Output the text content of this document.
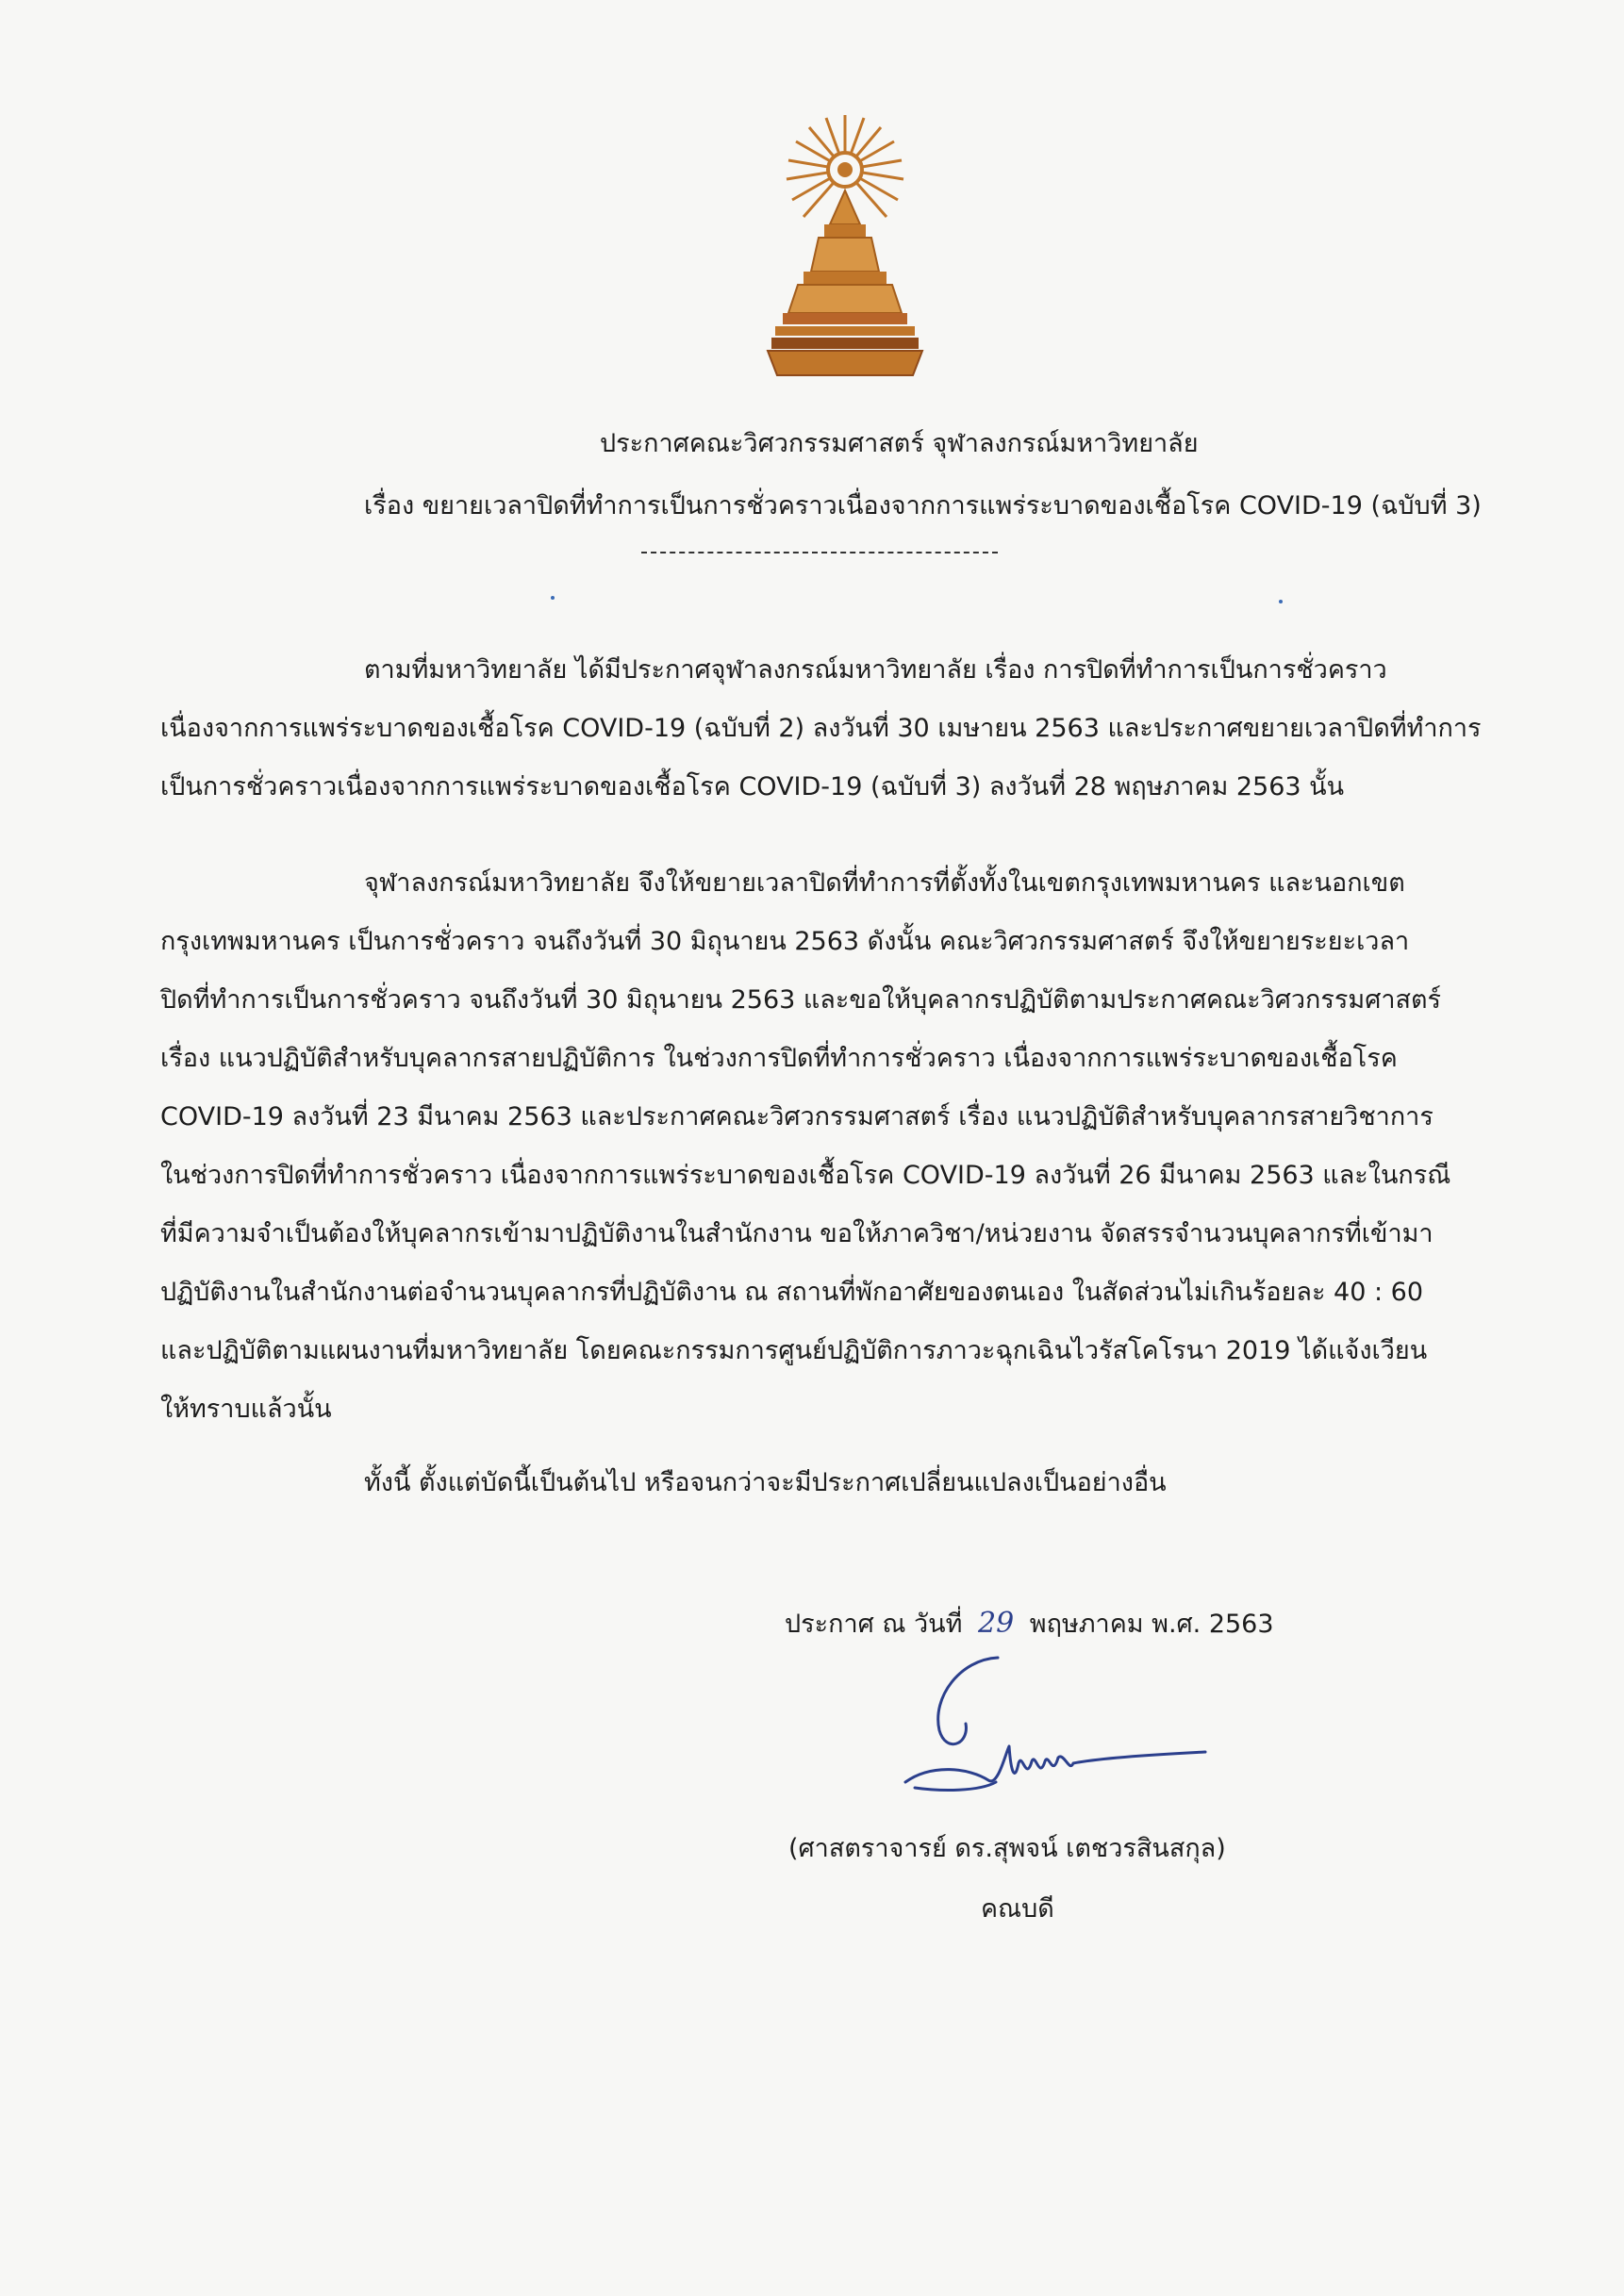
ประกาศคณะวิศวกรรมศาสตร์ จุฬาลงกรณ์มหาวิทยาลัย
เรื่อง ขยายเวลาปิดที่ทำการเป็นการชั่วคราวเนื่องจากการแพร่ระบาดของเชื้อโรค COVID-19 (ฉบับที่ 3)
ตามที่มหาวิทยาลัย ได้มีประกาศจุฬาลงกรณ์มหาวิทยาลัย เรื่อง การปิดที่ทำการเป็นการชั่วคราว
เนื่องจากการแพร่ระบาดของเชื้อโรค COVID-19 (ฉบับที่ 2) ลงวันที่ 30 เมษายน 2563 และประกาศขยายเวลาปิดที่ทำการ
เป็นการชั่วคราวเนื่องจากการแพร่ระบาดของเชื้อโรค COVID-19 (ฉบับที่ 3) ลงวันที่ 28 พฤษภาคม 2563 นั้น
จุฬาลงกรณ์มหาวิทยาลัย จึงให้ขยายเวลาปิดที่ทำการที่ตั้งทั้งในเขตกรุงเทพมหานคร และนอกเขต
กรุงเทพมหานคร เป็นการชั่วคราว จนถึงวันที่ 30 มิถุนายน 2563 ดังนั้น คณะวิศวกรรมศาสตร์ จึงให้ขยายระยะเวลา
ปิดที่ทำการเป็นการชั่วคราว จนถึงวันที่ 30 มิถุนายน 2563 และขอให้บุคลากรปฏิบัติตามประกาศคณะวิศวกรรมศาสตร์
เรื่อง แนวปฏิบัติสำหรับบุคลากรสายปฏิบัติการ ในช่วงการปิดที่ทำการชั่วคราว เนื่องจากการแพร่ระบาดของเชื้อโรค
COVID-19 ลงวันที่ 23 มีนาคม 2563 และประกาศคณะวิศวกรรมศาสตร์ เรื่อง แนวปฏิบัติสำหรับบุคลากรสายวิชาการ
ในช่วงการปิดที่ทำการชั่วคราว เนื่องจากการแพร่ระบาดของเชื้อโรค COVID-19 ลงวันที่ 26 มีนาคม 2563 และในกรณี
ที่มีความจำเป็นต้องให้บุคลากรเข้ามาปฏิบัติงานในสำนักงาน ขอให้ภาควิชา/หน่วยงาน จัดสรรจำนวนบุคลากรที่เข้ามา
ปฏิบัติงานในสำนักงานต่อจำนวนบุคลากรที่ปฏิบัติงาน ณ สถานที่พักอาศัยของตนเอง ในสัดส่วนไม่เกินร้อยละ 40 : 60
และปฏิบัติตามแผนงานที่มหาวิทยาลัย โดยคณะกรรมการศูนย์ปฏิบัติการภาวะฉุกเฉินไวรัสโคโรนา 2019 ได้แจ้งเวียน
ให้ทราบแล้วนั้น
ทั้งนี้ ตั้งแต่บัดนี้เป็นต้นไป หรือจนกว่าจะมีประกาศเปลี่ยนแปลงเป็นอย่างอื่น
ประกาศ ณ วันที่ 29 พฤษภาคม พ.ศ. 2563
(ศาสตราจารย์ ดร.สุพจน์ เตชวรสินสกุล)
คณบดี
